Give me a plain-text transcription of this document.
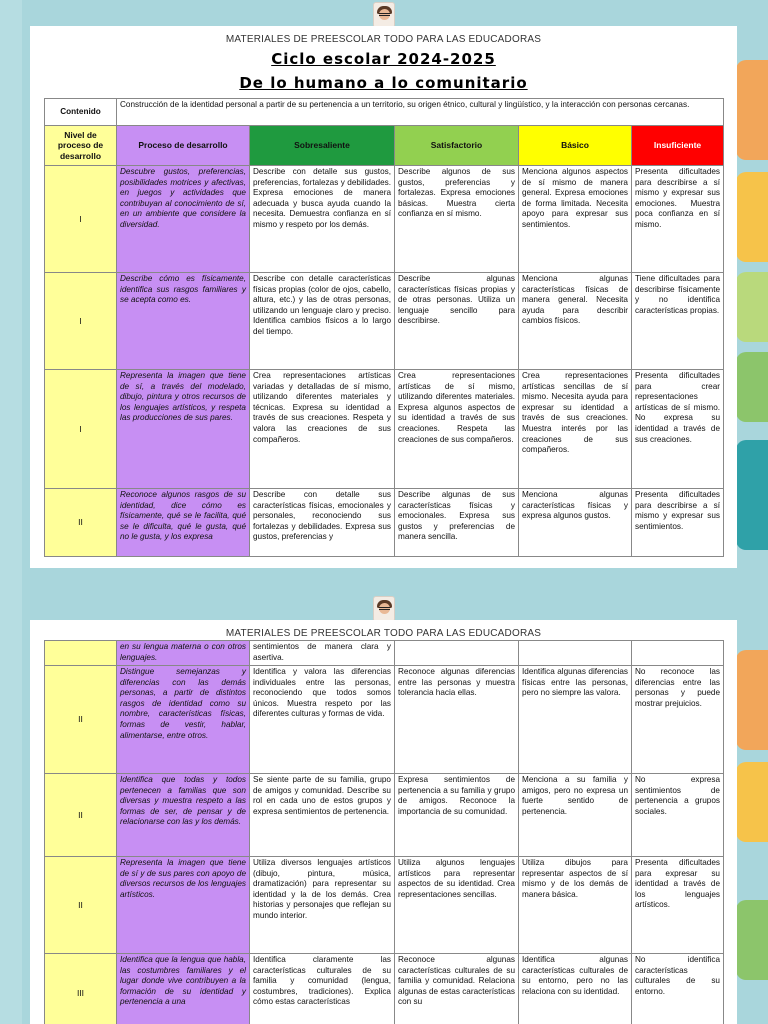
MATERIALES DE PREESCOLAR TODO PARA LAS EDUCADORAS
Ciclo escolar 2024-2025
De lo humano a lo comunitario
Contenido	Construcción de la identidad personal a partir de su pertenencia a un territorio, su origen étnico, cultural y lingüístico, y la interacción con personas cercanas.				
Nivel de proceso de desarrollo	Proceso de desarrollo	Sobresaliente	Satisfactorio	Básico	Insuficiente
I	Descubre gustos, preferencias, posibilidades motrices y afectivas, en juegos y actividades que contribuyan al conocimiento de sí, en un ambiente que considere la diversidad.	Describe con detalle sus gustos, preferencias, fortalezas y debilidades. Expresa emociones de manera adecuada y busca ayuda cuando la necesita. Demuestra confianza en sí mismo y respeto por los demás.	Describe algunos de sus gustos, preferencias y fortalezas. Expresa emociones básicas. Muestra cierta confianza en sí mismo.	Menciona algunos aspectos de sí mismo de manera general. Expresa emociones de forma limitada. Necesita apoyo para expresar sus sentimientos.	Presenta dificultades para describirse a sí mismo y expresar sus emociones. Muestra poca confianza en sí mismo.
I	Describe cómo es físicamente, identifica sus rasgos familiares y se acepta como es.	Describe con detalle características físicas propias (color de ojos, cabello, altura, etc.) y las de otras personas, utilizando un lenguaje claro y preciso. Identifica cambios físicos a lo largo del tiempo.	Describe algunas características físicas propias y de otras personas. Utiliza un lenguaje sencillo para describirse.	Menciona algunas características físicas de manera general. Necesita ayuda para describir cambios físicos.	Tiene dificultades para describirse físicamente y no identifica características propias.
I	Representa la imagen que tiene de sí, a través del modelado, dibujo, pintura y otros recursos de los lenguajes artísticos, y respeta las producciones de sus pares.	Crea representaciones artísticas variadas y detalladas de sí mismo, utilizando diferentes materiales y técnicas. Expresa su identidad a través de sus creaciones. Respeta y valora las creaciones de sus compañeros.	Crea representaciones artísticas de sí mismo, utilizando diferentes materiales. Expresa algunos aspectos de su identidad a través de sus creaciones. Respeta las creaciones de sus compañeros.	Crea representaciones artísticas sencillas de sí mismo. Necesita ayuda para expresar su identidad a través de sus creaciones. Muestra interés por las creaciones de sus compañeros.	Presenta dificultades para crear representaciones artísticas de sí mismo. No expresa su identidad a través de sus creaciones.
II	Reconoce algunos rasgos de su identidad, dice cómo es físicamente, qué se le facilita, qué se le dificulta, qué le gusta, qué no le gusta, y los expresa	Describe con detalle sus características físicas, emocionales y personales, reconociendo sus fortalezas y debilidades. Expresa sus gustos, preferencias y	Describe algunas de sus características físicas y emocionales. Expresa sus gustos y preferencias de manera sencilla.	Menciona algunas características físicas y expresa algunos gustos.	Presenta dificultades para describirse a sí mismo y expresar sus sentimientos.
MATERIALES DE PREESCOLAR TODO PARA LAS EDUCADORAS
	en su lengua materna o con otros lenguajes.	sentimientos de manera clara y asertiva.			
II	Distingue semejanzas y diferencias con las demás personas, a partir de distintos rasgos de identidad como su nombre, características físicas, formas de vestir, hablar, alimentarse, entre otros.	Identifica y valora las diferencias individuales entre las personas, reconociendo que todos somos únicos. Muestra respeto por las diferentes culturas y formas de vida.	Reconoce algunas diferencias entre las personas y muestra tolerancia hacia ellas.	Identifica algunas diferencias físicas entre las personas, pero no siempre las valora.	No reconoce las diferencias entre las personas y puede mostrar prejuicios.
II	Identifica que todas y todos pertenecen a familias que son diversas y muestra respeto a las formas de ser, de pensar y de relacionarse con las y los demás.	Se siente parte de su familia, grupo de amigos y comunidad. Describe su rol en cada uno de estos grupos y expresa sentimientos de pertenencia.	Expresa sentimientos de pertenencia a su familia y grupo de amigos. Reconoce la importancia de su comunidad.	Menciona a su familia y amigos, pero no expresa un fuerte sentido de pertenencia.	No expresa sentimientos de pertenencia a grupos sociales.
II	Representa la imagen que tiene de sí y de sus pares con apoyo de diversos recursos de los lenguajes artísticos.	Utiliza diversos lenguajes artísticos (dibujo, pintura, música, dramatización) para representar su identidad y la de los demás. Crea historias y personajes que reflejan su mundo interior.	Utiliza algunos lenguajes artísticos para representar aspectos de su identidad. Crea representaciones sencillas.	Utiliza dibujos para representar aspectos de sí mismo y de los demás de manera básica.	Presenta dificultades para expresar su identidad a través de los lenguajes artísticos.
III	Identifica que la lengua que habla, las costumbres familiares y el lugar donde vive contribuyen a la formación de su identidad y pertenencia a una	Identifica claramente las características culturales de su familia y comunidad (lengua, costumbres, tradiciones). Explica cómo estas características	Reconoce algunas características culturales de su familia y comunidad. Relaciona algunas de estas características con su	Identifica algunas características culturales de su entorno, pero no las relaciona con su identidad.	No identifica características culturales de su entorno.
